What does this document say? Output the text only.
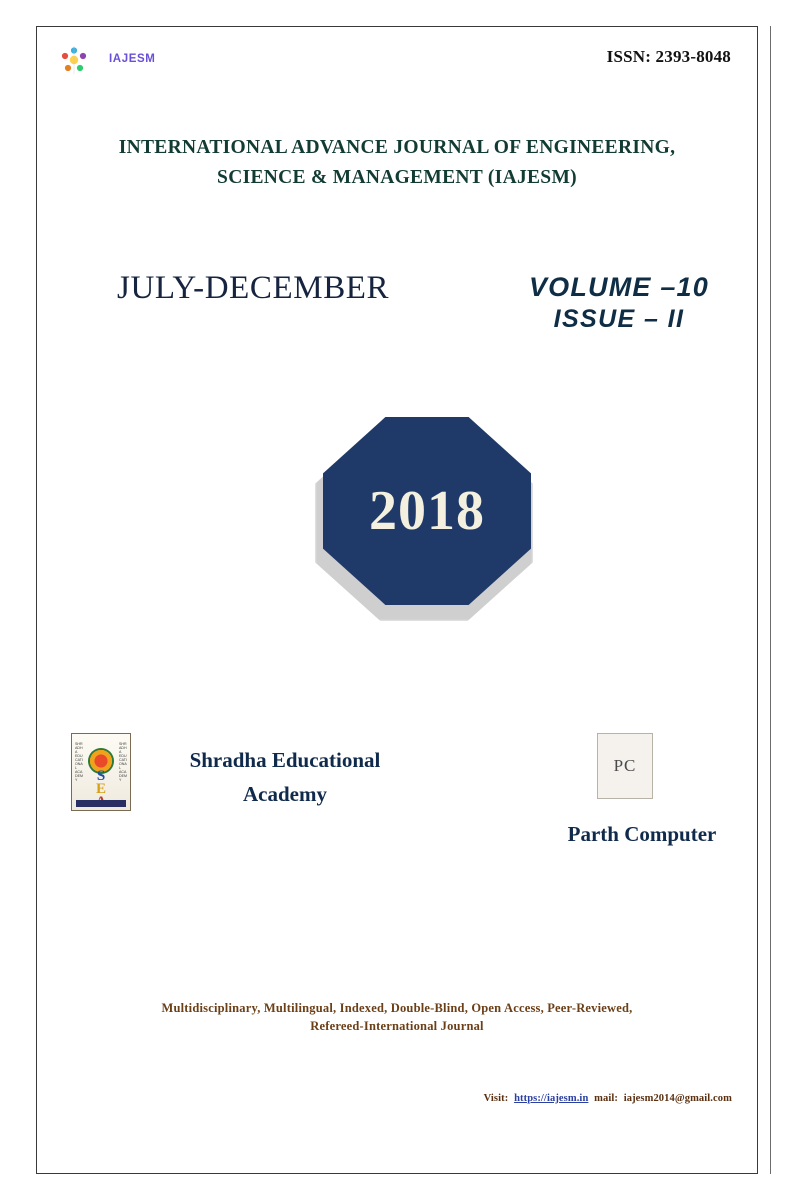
IAJESM	ISSN: 2393-8048
INTERNATIONAL ADVANCE JOURNAL OF ENGINEERING,
SCIENCE & MANAGEMENT (IAJESM)
JULY-DECEMBER	VOLUME –10
ISSUE – II
2018
SHRADHA EDUCATIONAL ACADEMY
SHRADHA EDUCATIONAL ACADEMY
S
E
Shradha Educational
Academy
PC
Parth Computer
Multidisciplinary, Multilingual, Indexed, Double-Blind, Open Access, Peer-Reviewed,
Refereed-International Journal
Visit: https://iajesm.in mail: iajesm2014@gmail.com
